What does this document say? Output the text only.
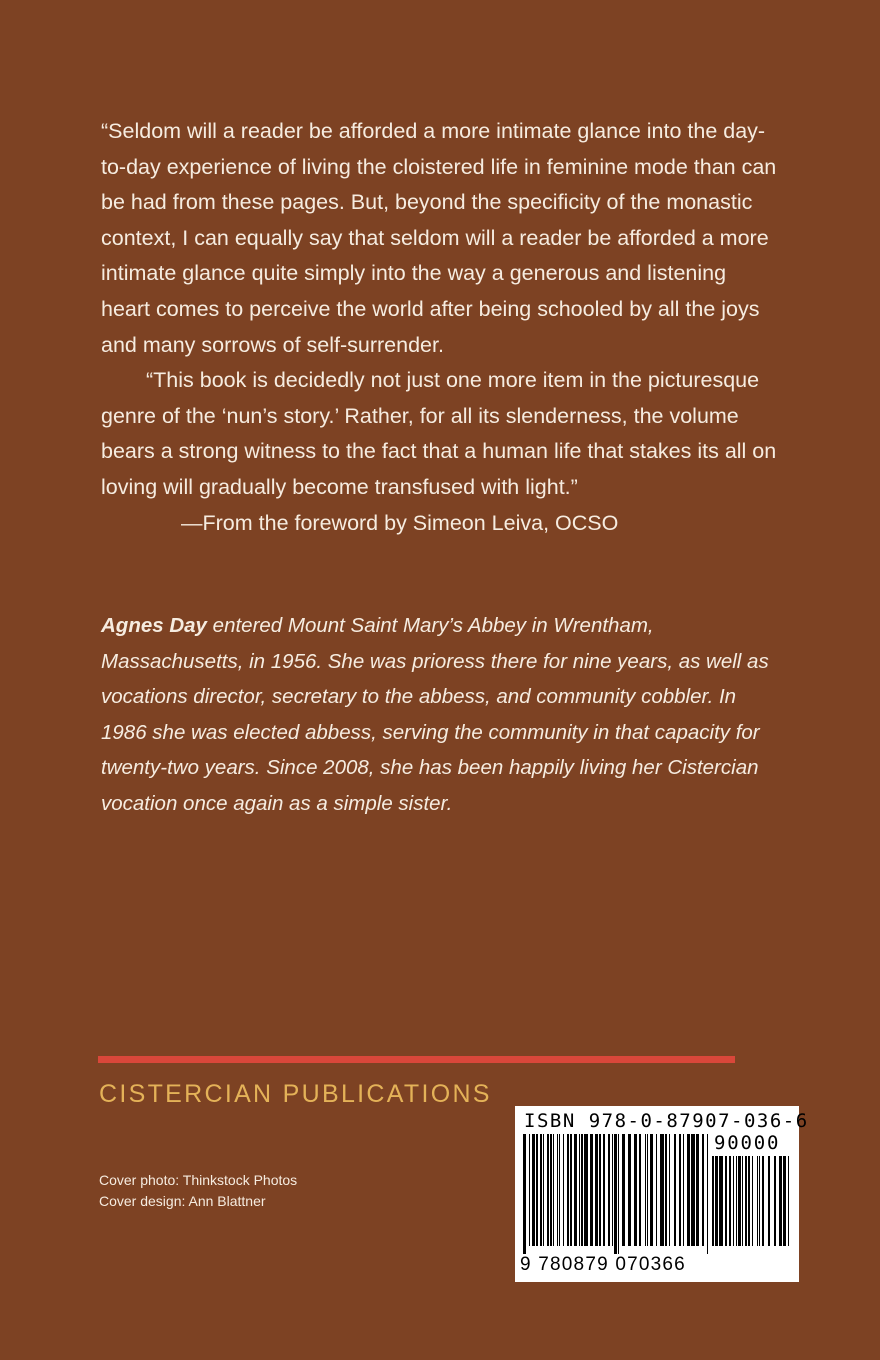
“Seldom will a reader be afforded a more intimate glance into the day-to-day experience of living the cloistered life in feminine mode than can be had from these pages. But, beyond the specificity of the monastic context, I can equally say that seldom will a reader be afforded a more intimate glance quite simply into the way a generous and listening heart comes to perceive the world after being schooled by all the joys and many sorrows of self-surrender.

“This book is decidedly not just one more item in the picturesque genre of the ‘nun’s story.’ Rather, for all its slenderness, the volume bears a strong witness to the fact that a human life that stakes its all on loving will gradually become transfused with light.”

—From the foreword by Simeon Leiva, OCSO

Agnes Day entered Mount Saint Mary’s Abbey in Wrentham, Massachusetts, in 1956. She was prioress there for nine years, as well as vocations director, secretary to the abbess, and community cobbler. In 1986 she was elected abbess, serving the community in that capacity for twenty-two years. Since 2008, she has been happily living her Cistercian vocation once again as a simple sister.

CISTERCIAN PUBLICATIONS
Cover photo: Thinkstock Photos
Cover design: Ann Blattner
ISBN 978-0-87907-036-6
90000
9 780879 070366
